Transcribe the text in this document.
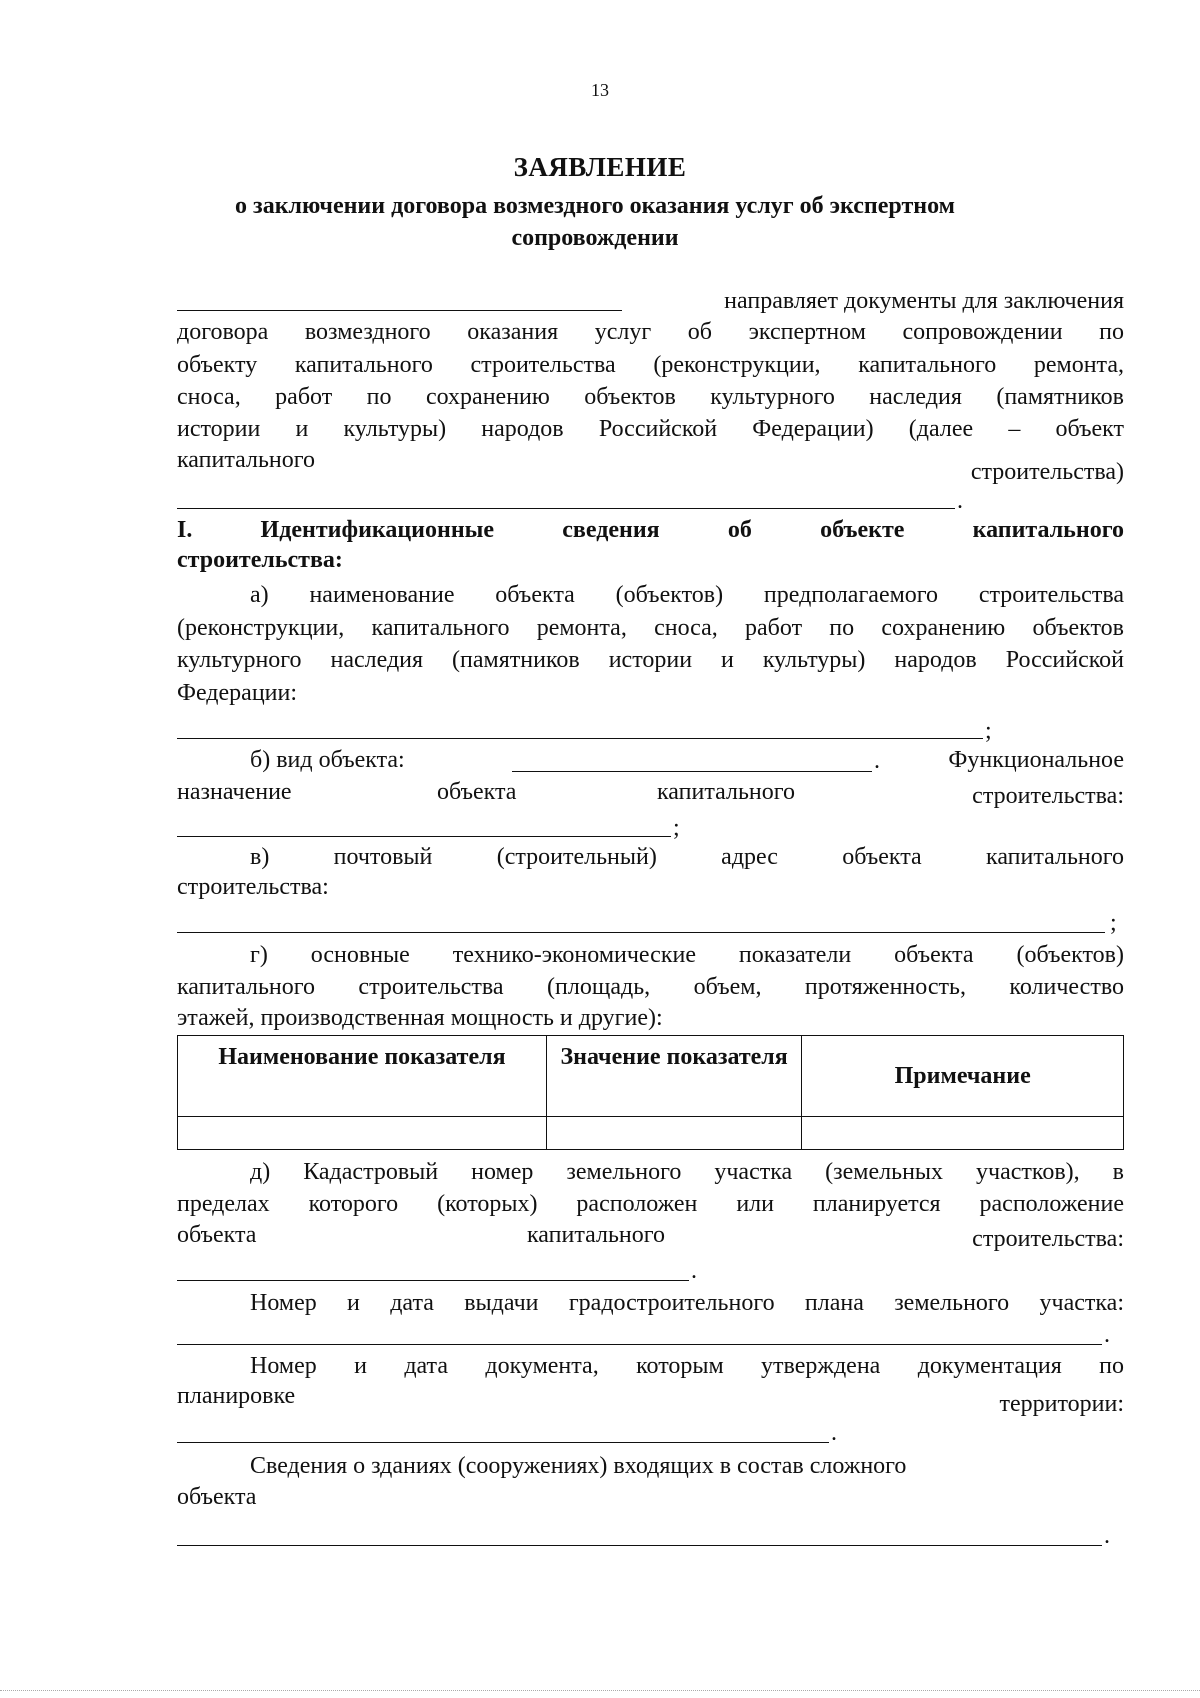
13
ЗАЯВЛЕНИЕ
о заключении договора возмездного оказания услуг об экспертном сопровождении
направляет документы для заключения
договора возмездного оказания услуг об экспертном сопровождении по
объекту капитального строительства (реконструкции, капитального ремонта,
сноса, работ по сохранению объектов культурного наследия (памятников
истории и культуры) народов Российской Федерации) (далее – объект
капитального	строительства)
.
I. Идентификационные сведения об объекте капитального
строительства:
а) наименование объекта (объектов) предполагаемого строительства
(реконструкции, капитального ремонта, сноса, работ по сохранению объектов
культурного наследия (памятников истории и культуры) народов Российской
Федерации:
;
б) вид объекта:	.	Функциональное
назначение	объекта	капитального	строительства:
;
в) почтовый (строительный) адрес объекта капитального
строительства:
;
г) основные технико-экономические показатели объекта (объектов)
капитального строительства (площадь, объем, протяженность, количество
этажей, производственная мощность и другие):
Наименование показателя	Значение показателя	Примечание

д) Кадастровый номер земельного участка (земельных участков), в
пределах которого (которых) расположен или планируется расположение
объекта	капитального	строительства:
.
Номер и дата выдачи градостроительного плана земельного участка:
.
Номер и дата документа, которым утверждена документация по
планировке	территории:
.
Сведения о зданиях (сооружениях) входящих в состав сложного
объекта
.
